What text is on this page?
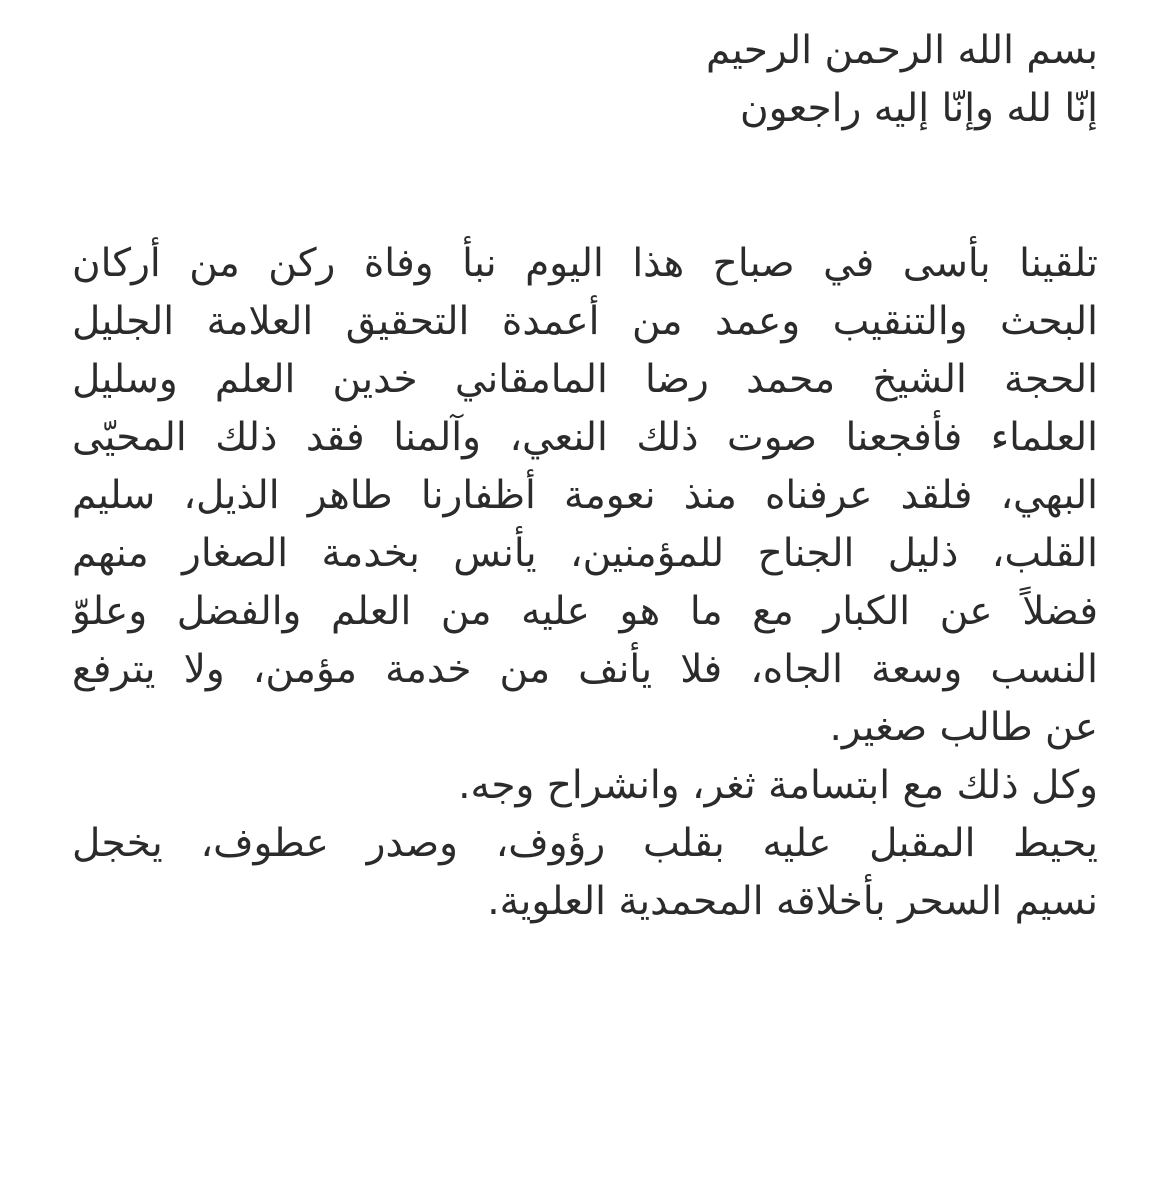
بسم الله الرحمن الرحيم
إنّا لله وإنّا إليه راجعون
تلقينا بأسى في صباح هذا اليوم نبأ وفاة ركن من أركان
البحث والتنقيب وعمد من أعمدة التحقيق العلامة الجليل
الحجة الشيخ محمد رضا المامقاني خدين العلم وسليل
العلماء فأفجعنا صوت ذلك النعي، وآلمنا فقد ذلك المحيّى
البهي، فلقد عرفناه منذ نعومة أظفارنا طاهر الذيل، سليم
القلب، ذليل الجناح للمؤمنين، يأنس بخدمة الصغار منهم
فضلاً عن الكبار مع ما هو عليه من العلم والفضل وعلوّ
النسب وسعة الجاه، فلا يأنف من خدمة مؤمن، ولا يترفع
عن طالب صغير.
وكل ذلك مع ابتسامة ثغر، وانشراح وجه.
يحيط المقبل عليه بقلب رؤوف، وصدر عطوف، يخجل
نسيم السحر بأخلاقه المحمدية العلوية.
